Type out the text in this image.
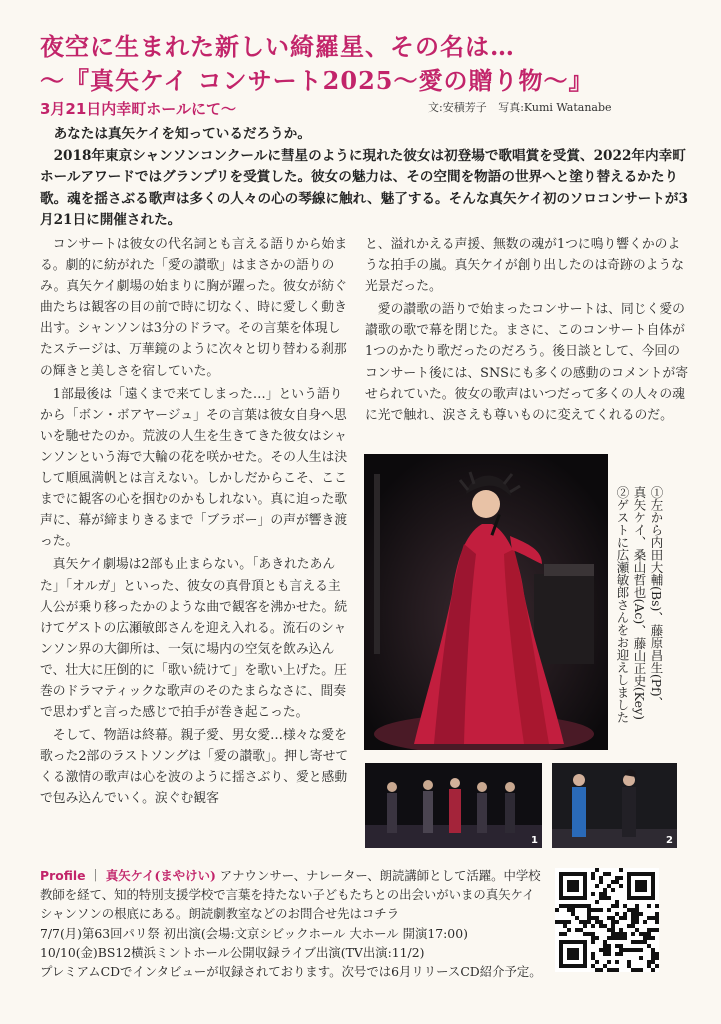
夜空に生まれた新しい綺羅星、その名は…
〜『真矢ケイ コンサート2025〜愛の贈り物〜』
3月21日内幸町ホールにて〜	文:安積芳子 写真:Kumi Watanabe

あなたは真矢ケイを知っているだろうか。

2018年東京シャンソンコンクールに彗星のように現れた彼女は初登場で歌唱賞を受賞、2022年内幸町ホールアワードではグランプリを受賞した。彼女の魅力は、その空間を物語の世界へと塗り替えるかたり歌。魂を揺さぶる歌声は多くの人々の心の琴線に触れ、魅了する。そんな真矢ケイ初のソロコンサートが3月21日に開催された。

コンサートは彼女の代名詞とも言える語りから始まる。劇的に紡がれた「愛の讃歌」はまさかの語りのみ。真矢ケイ劇場の始まりに胸が躍った。彼女が紡ぐ曲たちは観客の目の前で時に切なく、時に愛しく動き出す。シャンソンは3分のドラマ。その言葉を体現したステージは、万華鏡のように次々と切り替わる刹那の輝きと美しさを宿していた。

1部最後は「遠くまで来てしまった…」という語りから「ボン・ボアヤージュ」その言葉は彼女自身へ思いを馳せたのか。荒波の人生を生きてきた彼女はシャンソンという海で大輪の花を咲かせた。その人生は決して順風満帆とは言えない。しかしだからこそ、ここまでに観客の心を掴むのかもしれない。真に迫った歌声に、幕が締まりきるまで「ブラボー」の声が響き渡った。

真矢ケイ劇場は2部も止まらない。「あきれたあんた」「オルガ」といった、彼女の真骨頂とも言える主人公が乗り移ったかのような曲で観客を沸かせた。続けてゲストの広瀬敏郎さんを迎え入れる。流石のシャンソン界の大御所は、一気に場内の空気を飲み込んで、壮大に圧倒的に「歌い続けて」を歌い上げた。圧巻のドラマティックな歌声のそのたまらなさに、間奏で思わずと言った感じで拍手が巻き起こった。

そして、物語は終幕。親子愛、男女愛…様々な愛を歌った2部のラストソングは「愛の讃歌」。押し寄せてくる激情の歌声は心を波のように揺さぶり、愛と感動で包み込んでいく。涙ぐむ観客

と、溢れかえる声援、無数の魂が1つに鳴り響くかのような拍手の嵐。真矢ケイが創り出したのは奇跡のような光景だった。

愛の讃歌の語りで始まったコンサートは、同じく愛の讃歌の歌で幕を閉じた。まさに、このコンサート自体が1つのかたり歌だったのだろう。後日談として、今回のコンサート後には、SNSにも多くの感動のコメントが寄せられていた。彼女の歌声はいつだって多くの人々の魂に光で触れ、涙さえも尊いものに変えてくれるのだ。

①左から内田大輔(Bs)、藤原昌生(Pf)、
真矢ケイ、桑山哲也(Ac)、藤山正史(Key)
②ゲストに広瀬敏郎さんをお迎えしました
1	2
Profile ｜ 真矢ケイ(まやけい) アナウンサー、ナレーター、朗読講師として活躍。中学校教師を経て、知的特別支援学校で言葉を持たない子どもたちとの出会いがいまの真矢ケイシャンソンの根底にある。朗読劇教室などのお問合せ先はコチラ
7/7(月)第63回パリ祭 初出演(会場:文京シビックホール 大ホール 開演17:00)
10/10(金)BS12横浜ミントホール公開収録ライブ出演(TV出演:11/2)
プレミアムCDでインタビューが収録されております。次号では6月リリースCD紹介予定。
